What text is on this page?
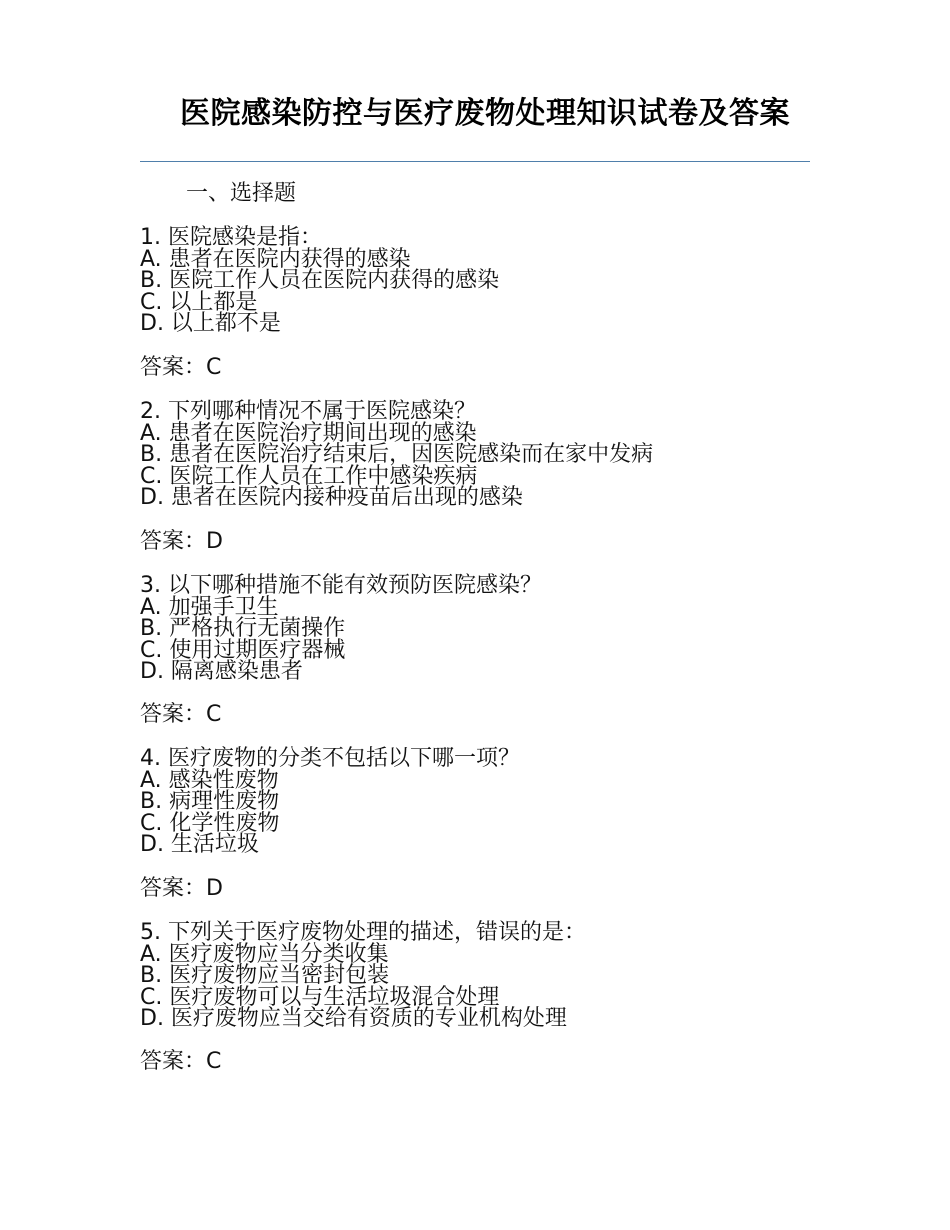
医院感染防控与医疗废物处理知识试卷及答案
一、选择题

1. 医院感染是指：

A. 患者在医院内获得的感染

B. 医院工作人员在医院内获得的感染

C. 以上都是

D. 以上都不是

答案：C

2. 下列哪种情况不属于医院感染？

A. 患者在医院治疗期间出现的感染

B. 患者在医院治疗结束后，因医院感染而在家中发病

C. 医院工作人员在工作中感染疾病

D. 患者在医院内接种疫苗后出现的感染

答案：D

3. 以下哪种措施不能有效预防医院感染？

A. 加强手卫生

B. 严格执行无菌操作

C. 使用过期医疗器械

D. 隔离感染患者

答案：C

4. 医疗废物的分类不包括以下哪一项？

A. 感染性废物

B. 病理性废物

C. 化学性废物

D. 生活垃圾

答案：D

5. 下列关于医疗废物处理的描述，错误的是：

A. 医疗废物应当分类收集

B. 医疗废物应当密封包装

C. 医疗废物可以与生活垃圾混合处理

D. 医疗废物应当交给有资质的专业机构处理

答案：C
